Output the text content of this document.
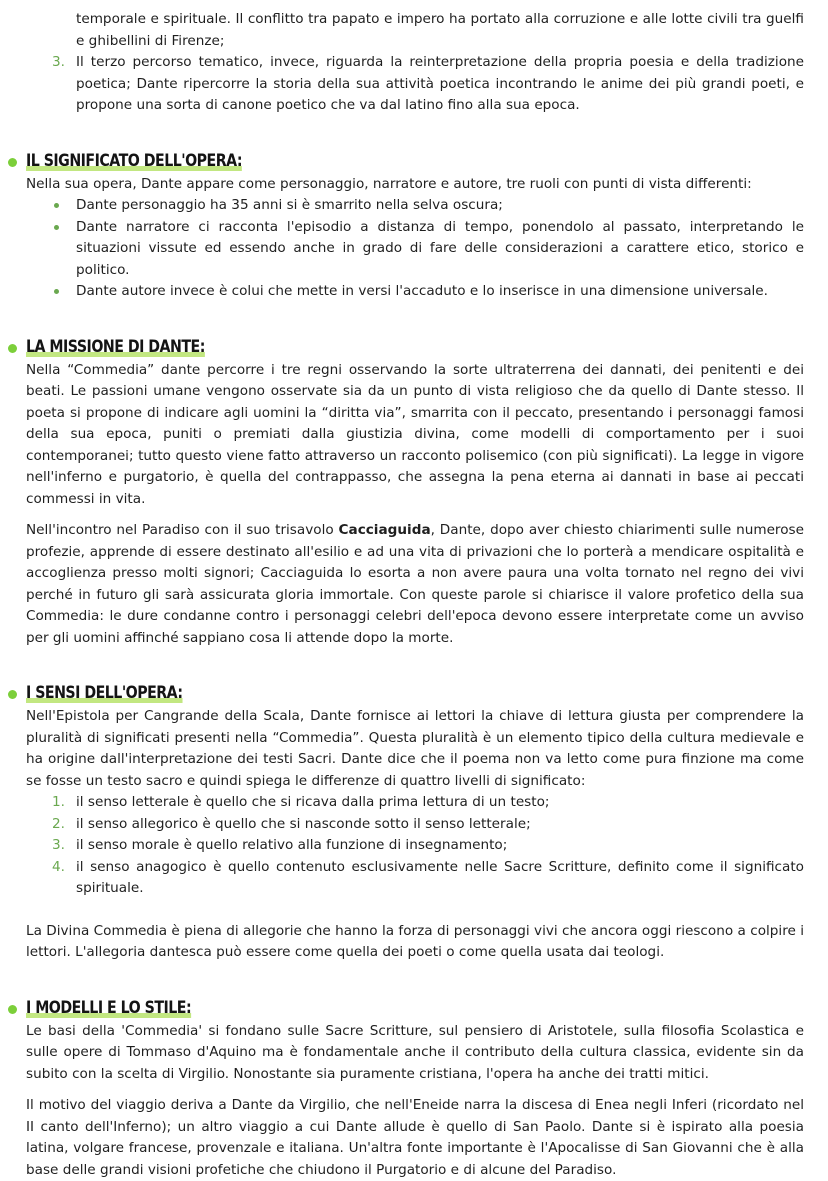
temporale e spirituale. Il conflitto tra papato e impero ha portato alla corruzione e alle lotte civili tra guelfi e ghibellini di Firenze;
3. Il terzo percorso tematico, invece, riguarda la reinterpretazione della propria poesia e della tradizione poetica; Dante ripercorre la storia della sua attività poetica incontrando le anime dei più grandi poeti, e propone una sorta di canone poetico che va dal latino fino alla sua epoca.
IL SIGNIFICATO DELL'OPERA:

Nella sua opera, Dante appare come personaggio, narratore e autore, tre ruoli con punti di vista differenti:

Dante personaggio ha 35 anni si è smarrito nella selva oscura;
Dante narratore ci racconta l'episodio a distanza di tempo, ponendolo al passato, interpretando le situazioni vissute ed essendo anche in grado di fare delle considerazioni a carattere etico, storico e politico.
Dante autore invece è colui che mette in versi l'accaduto e lo inserisce in una dimensione universale.
LA MISSIONE DI DANTE:

Nella “Commedia” dante percorre i tre regni osservando la sorte ultraterrena dei dannati, dei penitenti e dei beati. Le passioni umane vengono osservate sia da un punto di vista religioso che da quello di Dante stesso. Il poeta si propone di indicare agli uomini la “diritta via”, smarrita con il peccato, presentando i personaggi famosi della sua epoca, puniti o premiati dalla giustizia divina, come modelli di comportamento per i suoi contemporanei; tutto questo viene fatto attraverso un racconto polisemico (con più significati). La legge in vigore nell'inferno e purgatorio, è quella del contrappasso, che assegna la pena eterna ai dannati in base ai peccati commessi in vita.

Nell'incontro nel Paradiso con il suo trisavolo Cacciaguida, Dante, dopo aver chiesto chiarimenti sulle numerose profezie, apprende di essere destinato all'esilio e ad una vita di privazioni che lo porterà a mendicare ospitalità e accoglienza presso molti signori; Cacciaguida lo esorta a non avere paura una volta tornato nel regno dei vivi perché in futuro gli sarà assicurata gloria immortale. Con queste parole si chiarisce il valore profetico della sua Commedia: le dure condanne contro i personaggi celebri dell'epoca devono essere interpretate come un avviso per gli uomini affinché sappiano cosa li attende dopo la morte.

I SENSI DELL'OPERA:

Nell'Epistola per Cangrande della Scala, Dante fornisce ai lettori la chiave di lettura giusta per comprendere la pluralità di significati presenti nella “Commedia”. Questa pluralità è un elemento tipico della cultura medievale e ha origine dall'interpretazione dei testi Sacri. Dante dice che il poema non va letto come pura finzione ma come se fosse un testo sacro e quindi spiega le differenze di quattro livelli di significato:

1. il senso letterale è quello che si ricava dalla prima lettura di un testo;
2. il senso allegorico è quello che si nasconde sotto il senso letterale;
3. il senso morale è quello relativo alla funzione di insegnamento;
4. il senso anagogico è quello contenuto esclusivamente nelle Sacre Scritture, definito come il significato spirituale.

La Divina Commedia è piena di allegorie che hanno la forza di personaggi vivi che ancora oggi riescono a colpire i lettori. L'allegoria dantesca può essere come quella dei poeti o come quella usata dai teologi.

I MODELLI E LO STILE:

Le basi della 'Commedia' si fondano sulle Sacre Scritture, sul pensiero di Aristotele, sulla filosofia Scolastica e sulle opere di Tommaso d'Aquino ma è fondamentale anche il contributo della cultura classica, evidente sin da subito con la scelta di Virgilio. Nonostante sia puramente cristiana, l'opera ha anche dei tratti mitici.

Il motivo del viaggio deriva a Dante da Virgilio, che nell'Eneide narra la discesa di Enea negli Inferi (ricordato nel II canto dell'Inferno); un altro viaggio a cui Dante allude è quello di San Paolo. Dante si è ispirato alla poesia latina, volgare francese, provenzale e italiana. Un'altra fonte importante è l'Apocalisse di San Giovanni che è alla base delle grandi visioni profetiche che chiudono il Purgatorio e di alcune del Paradiso.
